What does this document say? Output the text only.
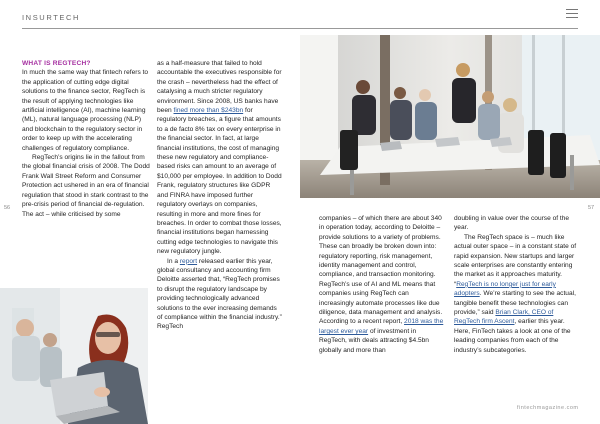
INSURTECH

WHAT IS REGTECH?

In much the same way that fintech refers to the application of cutting edge digital solutions to the finance sector, RegTech is the result of applying technologies like artificial intelligence (AI), machine learning (ML), natural language processing (NLP) and blockchain to the regulatory sector in order to keep up with the accelerating challenges of regulatory compliance.

RegTech’s origins lie in the fallout from the global financial crisis of 2008. The Dodd Frank Wall Street Reform and Consumer Protection act ushered in an era of financial regulation that stood in stark contrast to the pre-crisis period of financial de-regulation. The act – while criticised by some

as a half-measure that failed to hold accountable the executives responsible for the crash – nevertheless had the effect of catalysing a much stricter regulatory environment. Since 2008, US banks have been fined more than $243bn for regulatory breaches, a figure that amounts to a de facto 8% tax on every enterprise in the financial sector. In fact, at large financial institutions, the cost of managing these new regulatory and compliance-based risks can amount to an average of $10,000 per employee. In addition to Dodd Frank, regulatory structures like GDPR and FINRA have imposed further regulatory overlays on companies, resulting in more and more fines for breaches. In order to combat those losses, financial institutions began harnessing cutting edge technologies to navigate this new regulatory jungle.

In a report released earlier this year, global consultancy and accounting firm Deloitte asserted that, “RegTech promises to disrupt the regulatory landscape by providing technologically advanced solutions to the ever increasing demands of compliance within the financial industry.” RegTech

companies – of which there are about 340 in operation today, according to Deloitte – provide solutions to a variety of problems. These can broadly be broken down into: regulatory reporting, risk management, identity management and control, compliance, and transaction monitoring. RegTech’s use of AI and ML means that companies using RegTech can increasingly automate processes like due diligence, data management and analysis. According to a recent report, 2018 was the largest ever year of investment in RegTech, with deals attracting $4.5bn globally and more than

doubling in value over the course of the year.

The RegTech space is – much like actual outer space – in a constant state of rapid expansion. New startups and larger scale enterprises are constantly entering the market as it approaches maturity. “RegTech is no longer just for early adopters. We’re starting to see the actual, tangible benefit these technologies can provide,” said Brian Clark, CEO of RegTech firm Ascent, earlier this year. Here, FinTech takes a look at one of the leading companies from each of the industry’s subcategories.

56	57
fintechmagazine.com
